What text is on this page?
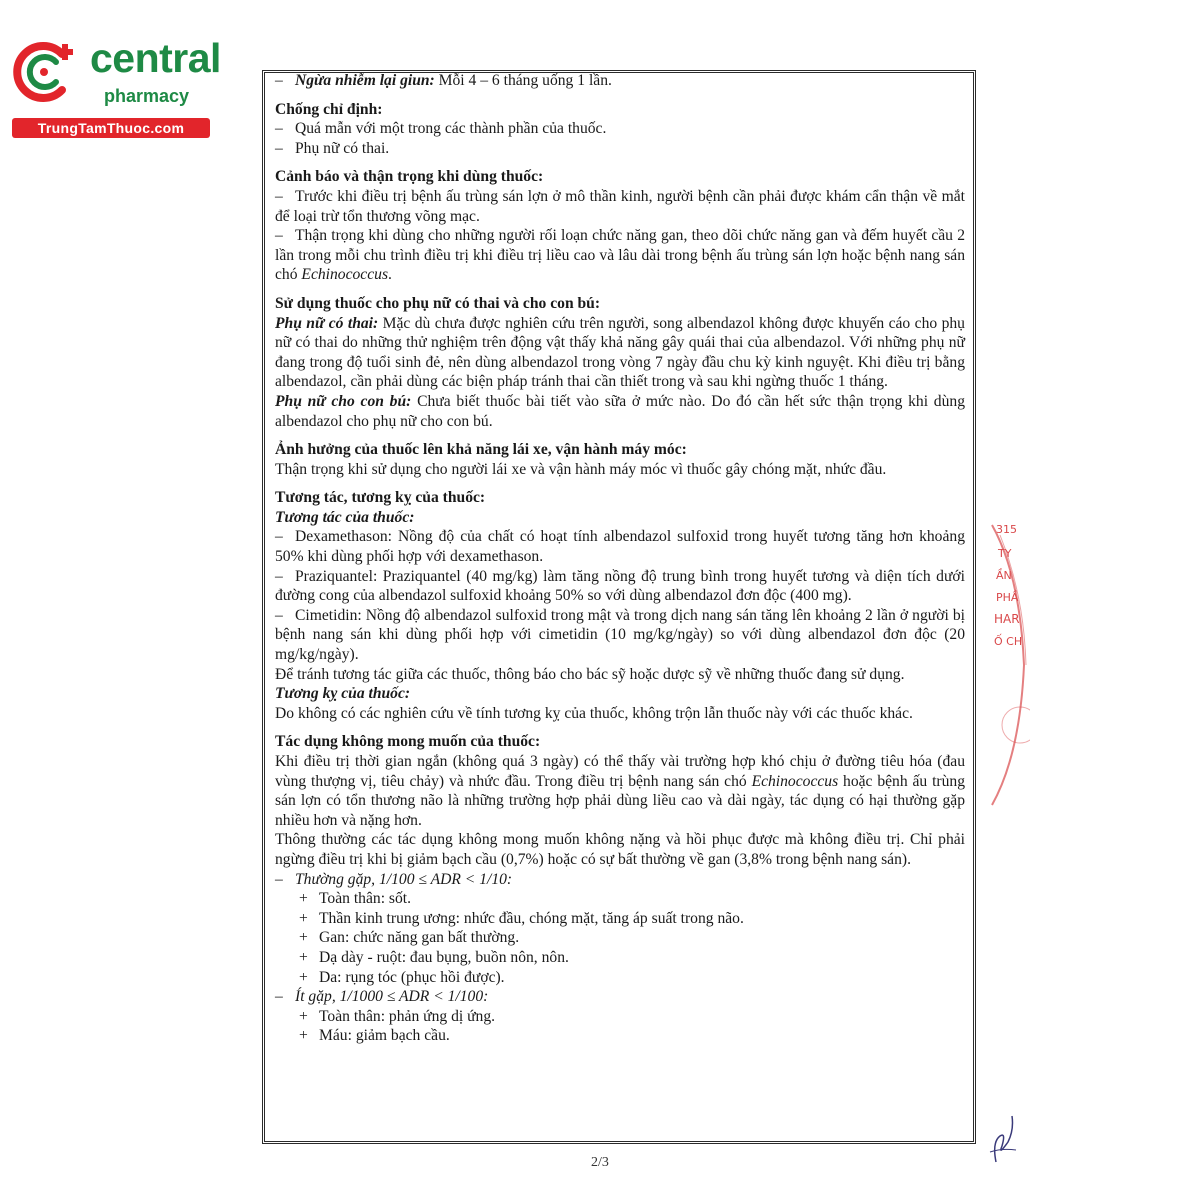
central
pharmacy
TrungTamThuoc.com

– Ngừa nhiễm lại giun: Mỗi 4 – 6 tháng uống 1 lần.

Chống chỉ định:

– Quá mẫn với một trong các thành phần của thuốc.

– Phụ nữ có thai.

Cảnh báo và thận trọng khi dùng thuốc:

– Trước khi điều trị bệnh ấu trùng sán lợn ở mô thần kinh, người bệnh cần phải được khám cẩn thận về mắt để loại trừ tổn thương võng mạc.

– Thận trọng khi dùng cho những người rối loạn chức năng gan, theo dõi chức năng gan và đếm huyết cầu 2 lần trong mỗi chu trình điều trị khi điều trị liều cao và lâu dài trong bệnh ấu trùng sán lợn hoặc bệnh nang sán chó Echinococcus.

Sử dụng thuốc cho phụ nữ có thai và cho con bú:

Phụ nữ có thai: Mặc dù chưa được nghiên cứu trên người, song albendazol không được khuyến cáo cho phụ nữ có thai do những thử nghiệm trên động vật thấy khả năng gây quái thai của albendazol. Với những phụ nữ đang trong độ tuổi sinh đẻ, nên dùng albendazol trong vòng 7 ngày đầu chu kỳ kinh nguyệt. Khi điều trị bằng albendazol, cần phải dùng các biện pháp tránh thai cần thiết trong và sau khi ngừng thuốc 1 tháng.

Phụ nữ cho con bú: Chưa biết thuốc bài tiết vào sữa ở mức nào. Do đó cần hết sức thận trọng khi dùng albendazol cho phụ nữ cho con bú.

Ảnh hưởng của thuốc lên khả năng lái xe, vận hành máy móc:

Thận trọng khi sử dụng cho người lái xe và vận hành máy móc vì thuốc gây chóng mặt, nhức đầu.

Tương tác, tương kỵ của thuốc:

Tương tác của thuốc:

– Dexamethason: Nồng độ của chất có hoạt tính albendazol sulfoxid trong huyết tương tăng hơn khoảng 50% khi dùng phối hợp với dexamethason.

– Praziquantel: Praziquantel (40 mg/kg) làm tăng nồng độ trung bình trong huyết tương và diện tích dưới đường cong của albendazol sulfoxid khoảng 50% so với dùng albendazol đơn độc (400 mg).

– Cimetidin: Nồng độ albendazol sulfoxid trong mật và trong dịch nang sán tăng lên khoảng 2 lần ở người bị bệnh nang sán khi dùng phối hợp với cimetidin (10 mg/kg/ngày) so với dùng albendazol đơn độc (20 mg/kg/ngày).

Để tránh tương tác giữa các thuốc, thông báo cho bác sỹ hoặc dược sỹ về những thuốc đang sử dụng.

Tương kỵ của thuốc:

Do không có các nghiên cứu về tính tương kỵ của thuốc, không trộn lẫn thuốc này với các thuốc khác.

Tác dụng không mong muốn của thuốc:

Khi điều trị thời gian ngắn (không quá 3 ngày) có thể thấy vài trường hợp khó chịu ở đường tiêu hóa (đau vùng thượng vị, tiêu chảy) và nhức đầu. Trong điều trị bệnh nang sán chó Echinococcus hoặc bệnh ấu trùng sán lợn có tổn thương não là những trường hợp phải dùng liều cao và dài ngày, tác dụng có hại thường gặp nhiều hơn và nặng hơn.

Thông thường các tác dụng không mong muốn không nặng và hồi phục được mà không điều trị. Chỉ phải ngừng điều trị khi bị giảm bạch cầu (0,7%) hoặc có sự bất thường về gan (3,8% trong bệnh nang sán).

– Thường gặp, 1/100 ≤ ADR < 1/10:

+ Toàn thân: sốt.

+ Thần kinh trung ương: nhức đầu, chóng mặt, tăng áp suất trong não.

+ Gan: chức năng gan bất thường.

+ Dạ dày - ruột: đau bụng, buồn nôn, nôn.

+ Da: rụng tóc (phục hồi được).

– Ít gặp, 1/1000 ≤ ADR < 1/100:

+ Toàn thân: phản ứng dị ứng.

+ Máu: giảm bạch cầu.

2/3
315
TY
ẦN
PHẦ
HAR
Ố CH
